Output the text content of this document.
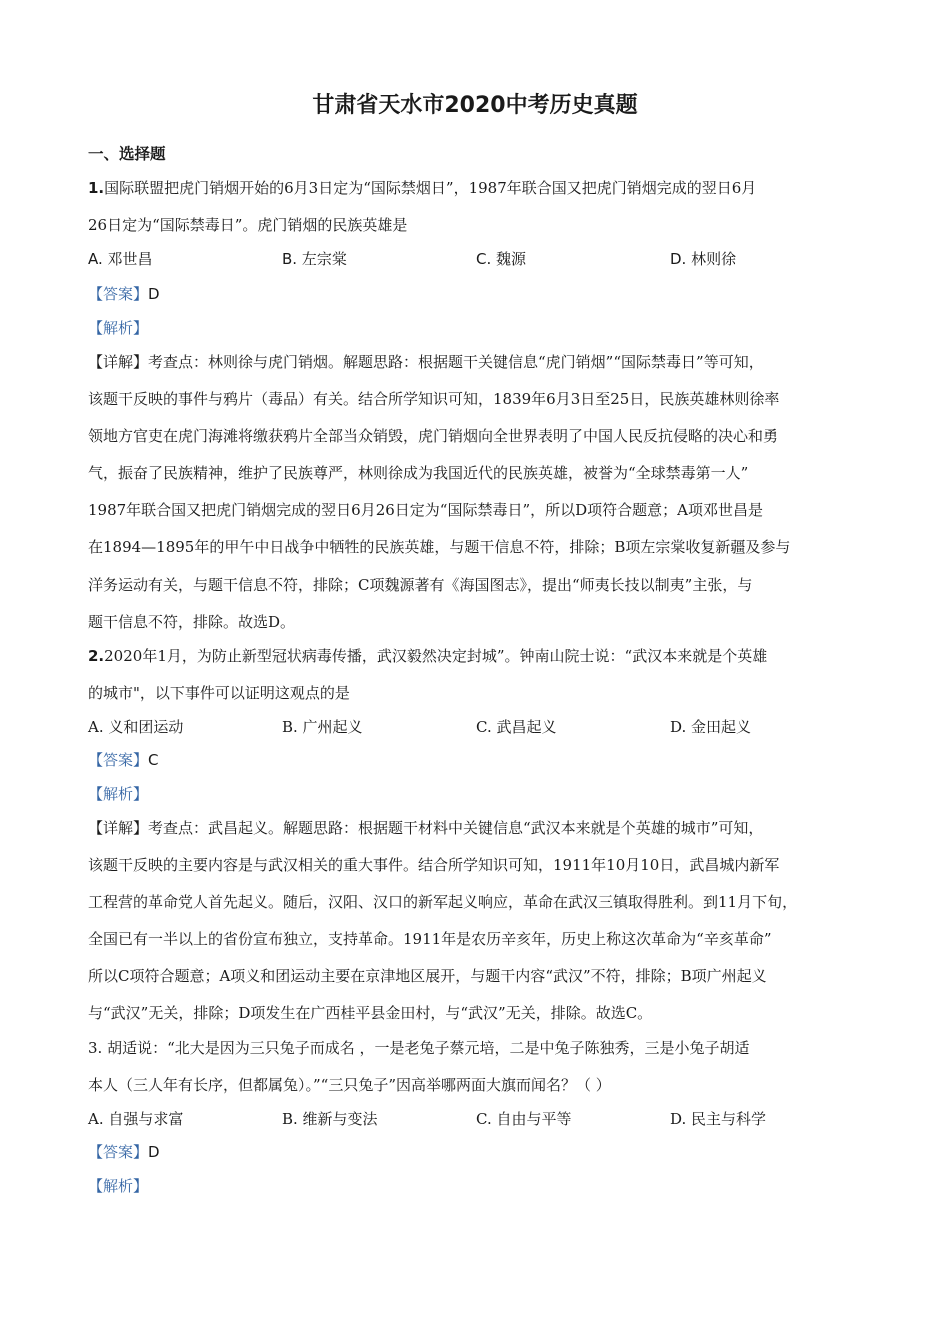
甘肃省天水市2020中考历史真题
一、选择题
1.国际联盟把虎门销烟开始的6月3日定为“国际禁烟日”，1987年联合国又把虎门销烟完成的翌日6月
26日定为“国际禁毒日”。虎门销烟的民族英雄是
A. 邓世昌	B. 左宗棠	C. 魏源	D. 林则徐
【答案】D
【解析】
【详解】考查点：林则徐与虎门销烟。解题思路：根据题干关键信息“虎门销烟”“国际禁毒日”等可知，
该题干反映的事件与鸦片（毒品）有关。结合所学知识可知，1839年6月3日至25日，民族英雄林则徐率
领地方官吏在虎门海滩将缴获鸦片全部当众销毁，虎门销烟向全世界表明了中国人民反抗侵略的决心和勇
气，振奋了民族精神，维护了民族尊严，林则徐成为我国近代的民族英雄，被誉为“全球禁毒第一人”
1987年联合国又把虎门销烟完成的翌日6月26日定为“国际禁毒日”，所以D项符合题意；A项邓世昌是
在1894—1895年的甲午中日战争中牺牲的民族英雄，与题干信息不符，排除；B项左宗棠收复新疆及参与
洋务运动有关，与题干信息不符，排除；C项魏源著有《海国图志》，提出“师夷长技以制夷”主张，与
题干信息不符，排除。故选D。
2.2020年1月，为防止新型冠状病毒传播，武汉毅然决定封城”。钟南山院士说：“武汉本来就是个英雄
的城市"，以下事件可以证明这观点的是
A. 义和团运动	B. 广州起义	C. 武昌起义	D. 金田起义
【答案】C
【解析】
【详解】考查点：武昌起义。解题思路：根据题干材料中关键信息“武汉本来就是个英雄的城市”可知，
该题干反映的主要内容是与武汉相关的重大事件。结合所学知识可知，1911年10月10日，武昌城内新军
工程营的革命党人首先起义。随后，汉阳、汉口的新军起义响应，革命在武汉三镇取得胜利。到11月下旬，
全国已有一半以上的省份宣布独立，支持革命。1911年是农历辛亥年，历史上称这次革命为“辛亥革命”
所以C项符合题意；A项义和团运动主要在京津地区展开，与题干内容“武汉”不符，排除；B项广州起义
与“武汉”无关，排除；D项发生在广西桂平县金田村，与“武汉”无关，排除。故选C。
3. 胡适说：“北大是因为三只兔子而成名 ，一是老兔子蔡元培，二是中兔子陈独秀，三是小兔子胡适
本人（三人年有长序，但都属兔）。”“三只兔子”因高举哪两面大旗而闻名？（ ）
A. 自强与求富	B. 维新与变法	C. 自由与平等	D. 民主与科学
【答案】D
【解析】
